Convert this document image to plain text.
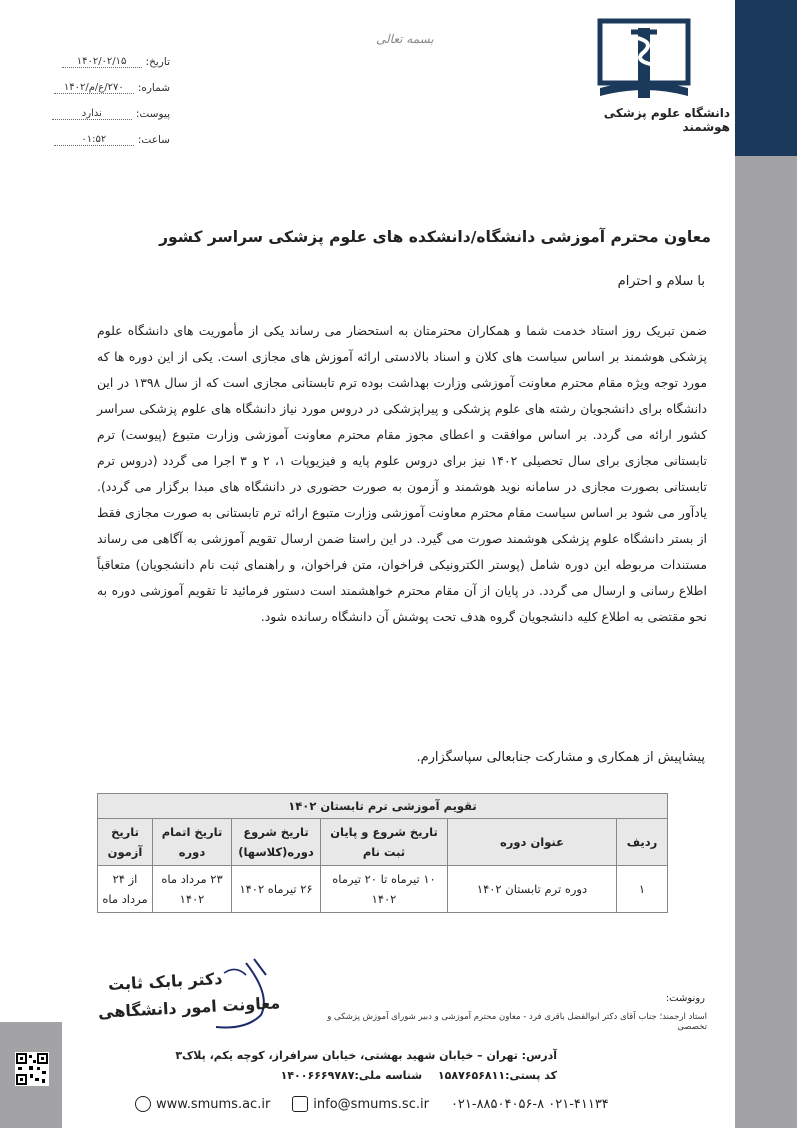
تاریخ:
۱۴۰۲/۰۲/۱۵
شماره:
۲۷۰/ع/م/۱۴۰۲
پیوست:
ندارد
ساعت:
۰۱:۵۲
بسمه تعالی
دانشگاه علوم پزشکی هوشمند
معاون محترم آموزشی دانشگاه/دانشکده های علوم پزشکی سراسر کشور
با سلام و احترام
ضمن تبریک روز استاد خدمت شما و همکاران محترمتان به استحضار می رساند یکی از مأموریت های دانشگاه علوم پزشکی هوشمند بر اساس سیاست های کلان و اسناد بالادستی ارائه آموزش های مجازی است. یکی از این دوره ها که مورد توجه ویژه مقام محترم معاونت آموزشی وزارت بهداشت بوده ترم تابستانی مجازی است که از سال ۱۳۹۸ در این دانشگاه برای دانشجویان رشته های علوم پزشکی و پیراپزشکی در دروس مورد نیاز دانشگاه های علوم پزشکی سراسر کشور ارائه می گردد. بر اساس موافقت و اعطای مجوز مقام محترم معاونت آموزشی وزارت متبوع (پیوست) ترم تابستانی مجازی برای سال تحصیلی ۱۴۰۲ نیز برای دروس علوم پایه و فیزیوپات ۱، ۲ و ۳ اجرا می گردد (دروس ترم تابستانی بصورت مجازی در سامانه نوید هوشمند و آزمون به صورت حضوری در دانشگاه های مبدا برگزار می گردد). یادآور می شود بر اساس سیاست مقام محترم معاونت آموزشی وزارت متبوع ارائه ترم تابستانی به صورت مجازی فقط از بستر دانشگاه علوم پزشکی هوشمند صورت می گیرد. در این راستا ضمن ارسال تقویم آموزشی به آگاهی می رساند مستندات مربوطه این دوره شامل (پوستر الکترونیکی فراخوان، متن فراخوان، و راهنمای ثبت نام دانشجویان) متعاقباً اطلاع رسانی و ارسال می گردد. در پایان از آن مقام محترم خواهشمند است دستور فرمائید تا تقویم آموزشی دوره به نحو مقتضی به اطلاع کلیه دانشجویان گروه هدف تحت پوشش آن دانشگاه رسانده شود.
پیشاپیش از همکاری و مشارکت جنابعالی سپاسگزارم.
تقویم آموزشی ترم تابستان ۱۴۰۲					
ردیف	عنوان دوره	تاریخ شروع و پایان ثبت نام	تاریخ شروع دوره(کلاسها)	تاریخ اتمام دوره	تاریخ آزمون
۱	دوره ترم تابستان ۱۴۰۲	۱۰ تیرماه تا ۲۰ تیرماه ۱۴۰۲	۲۶ تیرماه ۱۴۰۲	۲۳ مرداد ماه ۱۴۰۲	از ۲۴ مرداد ماه
دکتر بابک ثابت
معاونت امور دانشگاهی	رونوشت:
استاد ارجمند؛ جناب آقای دکتر ابوالفضل باقری فرد - معاون محترم آموزشی و دبیر شورای آموزش پزشکی و تخصصی
آدرس: تهران – خیابان شهید بهشتی، خیابان سرافراز، کوچه یکم، پلاک۳
کد پستی:۱۵۸۷۶۵۶۸۱۱ شناسه ملی:۱۴۰۰۶۶۶۹۷۸۷
www.smums.ac.ir	info@smums.sc.ir ۰۲۱-۸۸۵۰۴۰۵۶-۸ ۰۲۱-۴۱۱۳۴
